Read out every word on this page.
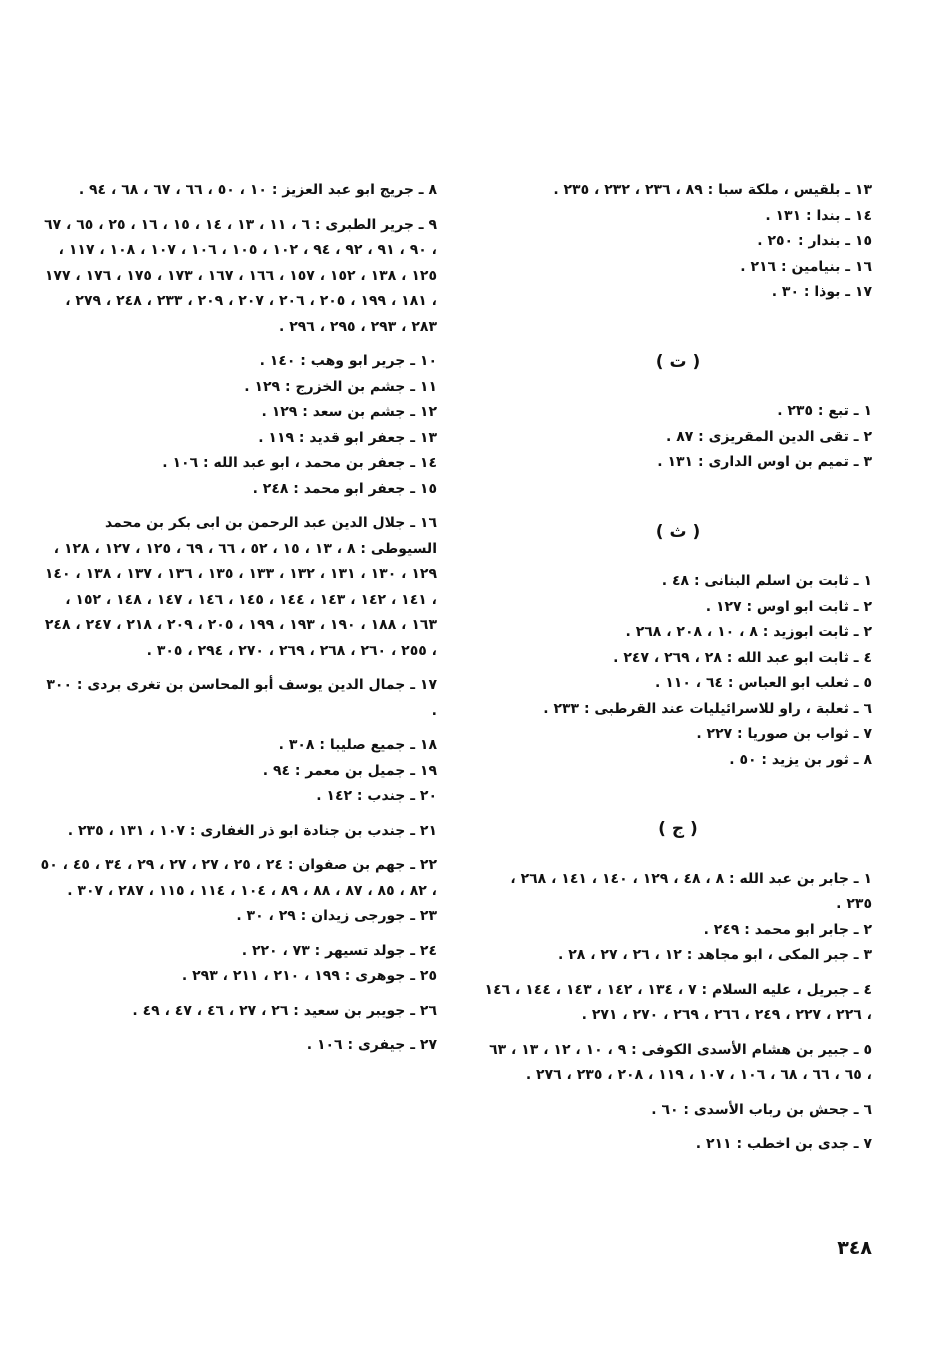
١٣ ـ بلقيس ، ملكة سبا : ٨٩ ، ٢٣٦ ، ٢٣٢ ، ٢٣٥ .
١٤ ـ بندا : ١٣١ .
١٥ ـ بندار : ٢٥٠ .
١٦ ـ بنيامين : ٢١٦ .
١٧ ـ بوذا : ٣٠ .
( ت )
١ ـ تبع : ٢٣٥ .
٢ ـ تقى الدين المقريزى : ٨٧ .
٣ ـ تميم بن اوس الدارى : ١٣١ .
( ث )
١ ـ ثابت بن اسلم البنانى : ٤٨ .
٢ ـ ثابت ابو اوس : ١٢٧ .
٢ ـ ثابت ابوزيد : ٨ ، ١٠ ، ٢٠٨ ، ٢٦٨ .
٤ ـ ثابت ابو عبد الله : ٢٨ ، ٢٦٩ ، ٢٤٧ .
٥ ـ ثعلب ابو العباس : ٦٤ ، ١١٠ .
٦ ـ ثعلبة ، راو للاسرائيليات عند القرطبى : ٢٣٣ .
٧ ـ ثواب بن صوريا : ٢٢٧ .
٨ ـ ثور بن يزيد : ٥٠ .
( ج )
١ ـ جابر بن عبد الله : ٨ ، ٤٨ ، ١٢٩ ، ١٤٠ ، ١٤١ ، ٢٦٨ ، ٢٣٥ .
٢ ـ جابر ابو محمد : ٢٤٩ .
٣ ـ جبر المكى ، ابو مجاهد : ١٢ ، ٢٦ ، ٢٧ ، ٢٨ .
٤ ـ جبريل ، عليه السلام : ٧ ، ١٣٤ ، ١٤٢ ، ١٤٣ ، ١٤٤ ، ١٤٦ ، ٢٢٦ ، ٢٢٧ ، ٢٤٩ ، ٢٦٦ ، ٢٦٩ ، ٢٧٠ ، ٢٧١ .
٥ ـ جبير بن هشام الأسدى الكوفى : ٩ ، ١٠ ، ١٢ ، ١٣ ، ٦٣ ، ٦٥ ، ٦٦ ، ٦٨ ، ١٠٦ ، ١٠٧ ، ١١٩ ، ٢٠٨ ، ٢٣٥ ، ٢٧٦ .
٦ ـ جحش بن رباب الأسدى : ٦٠ .
٧ ـ جدى بن اخطب : ٢١١ .
٨ ـ جريج ابو عبد العزيز : ١٠ ، ٥٠ ، ٦٦ ، ٦٧ ، ٦٨ ، ٩٤ .
٩ ـ جرير الطبرى : ٦ ، ١١ ، ١٣ ، ١٤ ، ١٥ ، ١٦ ، ٢٥ ، ٦٥ ، ٦٧ ، ٩٠ ، ٩١ ، ٩٢ ، ٩٤ ، ١٠٢ ، ١٠٥ ، ١٠٦ ، ١٠٧ ، ١٠٨ ، ١١٧ ، ١٢٥ ، ١٣٨ ، ١٥٢ ، ١٥٧ ، ١٦٦ ، ١٦٧ ، ١٧٣ ، ١٧٥ ، ١٧٦ ، ١٧٧ ، ١٨١ ، ١٩٩ ، ٢٠٥ ، ٢٠٦ ، ٢٠٧ ، ٢٠٩ ، ٢٣٣ ، ٢٤٨ ، ٢٧٩ ، ٢٨٣ ، ٢٩٣ ، ٢٩٥ ، ٢٩٦ .
١٠ ـ جرير ابو وهب : ١٤٠ .
١١ ـ جشم بن الخزرج : ١٢٩ .
١٢ ـ جشم بن سعد : ١٢٩ .
١٣ ـ جعفر ابو قديد : ١١٩ .
١٤ ـ جعفر بن محمد ، ابو عبد الله : ١٠٦ .
١٥ ـ جعفر ابو محمد : ٢٤٨ .
١٦ ـ جلال الدين عبد الرحمن بن ابى بكر بن محمد السيوطى : ٨ ، ١٣ ، ١٥ ، ٥٢ ، ٦٦ ، ٦٩ ، ١٢٥ ، ١٢٧ ، ١٢٨ ، ١٢٩ ، ١٣٠ ، ١٣١ ، ١٣٢ ، ١٣٣ ، ١٣٥ ، ١٣٦ ، ١٣٧ ، ١٣٨ ، ١٤٠ ، ١٤١ ، ١٤٢ ، ١٤٣ ، ١٤٤ ، ١٤٥ ، ١٤٦ ، ١٤٧ ، ١٤٨ ، ١٥٢ ، ١٦٣ ، ١٨٨ ، ١٩٠ ، ١٩٣ ، ١٩٩ ، ٢٠٥ ، ٢٠٩ ، ٢١٨ ، ٢٤٧ ، ٢٤٨ ، ٢٥٥ ، ٢٦٠ ، ٢٦٨ ، ٢٦٩ ، ٢٧٠ ، ٢٩٤ ، ٣٠٥ .
١٧ ـ جمال الدين يوسف أبو المحاسن بن تغرى بردى : ٣٠٠ .
١٨ ـ جميع صليبا : ٣٠٨ .
١٩ ـ جميل بن معمر : ٩٤ .
٢٠ ـ جندب : ١٤٢ .
٢١ ـ جندب بن جنادة ابو ذر الغفارى : ١٠٧ ، ١٣١ ، ٢٣٥ .
٢٢ ـ جهم بن صفوان : ٢٤ ، ٢٥ ، ٢٧ ، ٢٧ ، ٢٩ ، ٣٤ ، ٤٥ ، ٥٠ ، ٨٢ ، ٨٥ ، ٨٧ ، ٨٨ ، ٨٩ ، ١٠٤ ، ١١٤ ، ١١٥ ، ٢٨٧ ، ٣٠٧ .
٢٣ ـ جورجى زيدان : ٢٩ ، ٣٠ .
٢٤ ـ جولد تسيهر : ٧٣ ، ٢٢٠ .
٢٥ ـ جوهرى : ١٩٩ ، ٢١٠ ، ٢١١ ، ٢٩٣ .
٢٦ ـ جويبر بن سعيد : ٢٦ ، ٢٧ ، ٤٦ ، ٤٧ ، ٤٩ .
٢٧ ـ جيفرى : ١٠٦ .
٣٤٨
